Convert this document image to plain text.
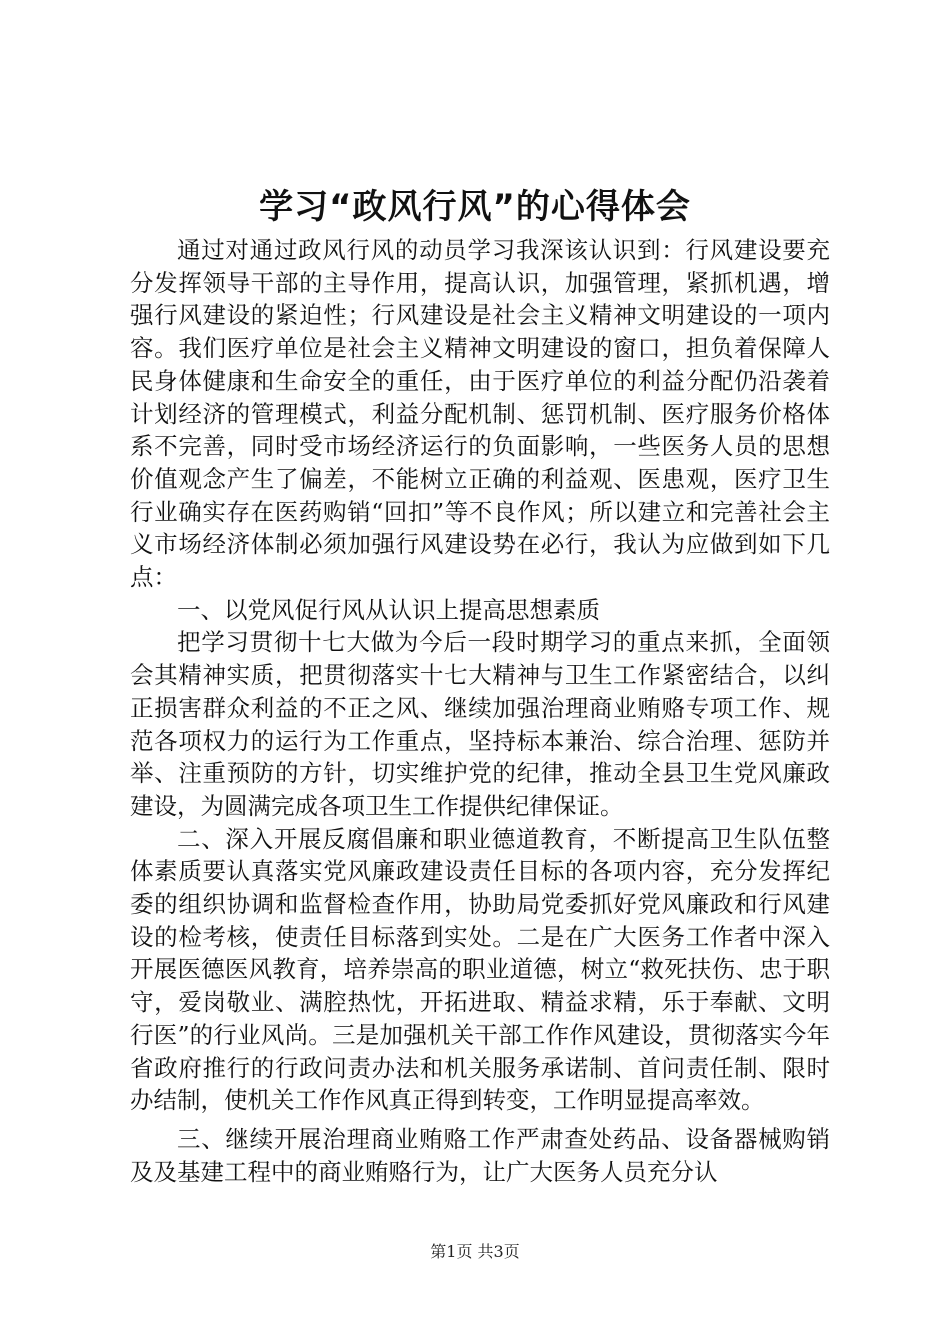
学习“政风行风”的心得体会

通过对通过政风行风的动员学习我深该认识到：行风建设要充分发挥领导干部的主导作用，提高认识，加强管理，紧抓机遇，增强行风建设的紧迫性；行风建设是社会主义精神文明建设的一项内容。我们医疗单位是社会主义精神文明建设的窗口，担负着保障人民身体健康和生命安全的重任，由于医疗单位的利益分配仍沿袭着计划经济的管理模式，利益分配机制、惩罚机制、医疗服务价格体系不完善，同时受市场经济运行的负面影响，一些医务人员的思想价值观念产生了偏差，不能树立正确的利益观、医患观，医疗卫生行业确实存在医药购销“回扣”等不良作风；所以建立和完善社会主义市场经济体制必须加强行风建设势在必行，我认为应做到如下几点：

一、以党风促行风从认识上提高思想素质

把学习贯彻十七大做为今后一段时期学习的重点来抓，全面领会其精神实质，把贯彻落实十七大精神与卫生工作紧密结合，以纠正损害群众利益的不正之风、继续加强治理商业贿赂专项工作、规范各项权力的运行为工作重点，坚持标本兼治、综合治理、惩防并举、注重预防的方针，切实维护党的纪律，推动全县卫生党风廉政建设，为圆满完成各项卫生工作提供纪律保证。

二、深入开展反腐倡廉和职业德道教育，不断提高卫生队伍整体素质要认真落实党风廉政建设责任目标的各项内容，充分发挥纪委的组织协调和监督检查作用，协助局党委抓好党风廉政和行风建设的检考核，使责任目标落到实处。二是在广大医务工作者中深入开展医德医风教育，培养崇高的职业道德，树立“救死扶伤、忠于职守，爱岗敬业、满腔热忱，开拓进取、精益求精，乐于奉献、文明行医”的行业风尚。三是加强机关干部工作作风建设，贯彻落实今年省政府推行的行政问责办法和机关服务承诺制、首问责任制、限时办结制，使机关工作作风真正得到转变，工作明显提高率效。

三、继续开展治理商业贿赂工作严肃查处药品、设备器械购销及及基建工程中的商业贿赂行为，让广大医务人员充分认

第1页 共3页
